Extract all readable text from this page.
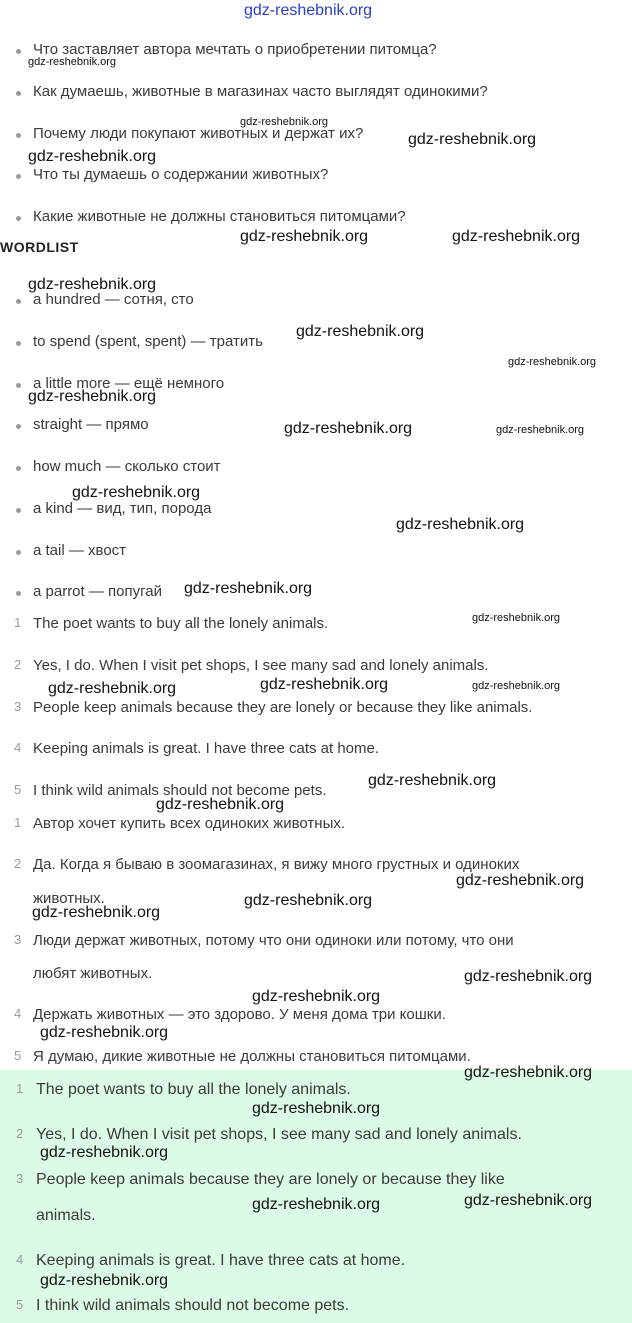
gdz-reshebnik.org
Что заставляет автора мечтать о приобретении питомца?
Как думаешь, животные в магазинах часто выглядят одинокими?
Почему люди покупают животных и держат их?
Что ты думаешь о содержании животных?
Какие животные не должны становиться питомцами?
WORDLIST
a hundred — сотня, сто
to spend (spent, spent) — тратить
a little more — ещё немного
straight — прямо
how much — сколько стоит
a kind — вид, тип, порода
a tail — хвост
a parrot — попугай
1 The poet wants to buy all the lonely animals.
2 Yes, I do. When I visit pet shops, I see many sad and lonely animals.
3 People keep animals because they are lonely or because they like animals.
4 Keeping animals is great. I have three cats at home.
5 I think wild animals should not become pets.
1 Автор хочет купить всех одиноких животных.
2 Да. Когда я бываю в зоомагазинах, я вижу много грустных и одиноких
животных.
3 Люди держат животных, потому что они одиноки или потому, что они
любят животных.
4 Держать животных — это здорово. У меня дома три кошки.
5 Я думаю, дикие животные не должны становиться питомцами.
1 The poet wants to buy all the lonely animals.
2 Yes, I do. When I visit pet shops, I see many sad and lonely animals.
3 People keep animals because they are lonely or because they like
animals.
4 Keeping animals is great. I have three cats at home.
5 I think wild animals should not become pets.
gdz-reshebnik.org
gdz-reshebnik.org
gdz-reshebnik.org
gdz-reshebnik.org
gdz-reshebnik.org	gdz-reshebnik.org
gdz-reshebnik.org
gdz-reshebnik.org
gdz-reshebnik.org
gdz-reshebnik.org
gdz-reshebnik.org	gdz-reshebnik.org
gdz-reshebnik.org
gdz-reshebnik.org
gdz-reshebnik.org
gdz-reshebnik.org
gdz-reshebnik.org	gdz-reshebnik.org	gdz-reshebnik.org
gdz-reshebnik.org
gdz-reshebnik.org
gdz-reshebnik.org
gdz-reshebnik.org
gdz-reshebnik.org
gdz-reshebnik.org
gdz-reshebnik.org
gdz-reshebnik.org
gdz-reshebnik.org
gdz-reshebnik.org
gdz-reshebnik.org
gdz-reshebnik.org
gdz-reshebnik.org
gdz-reshebnik.org
